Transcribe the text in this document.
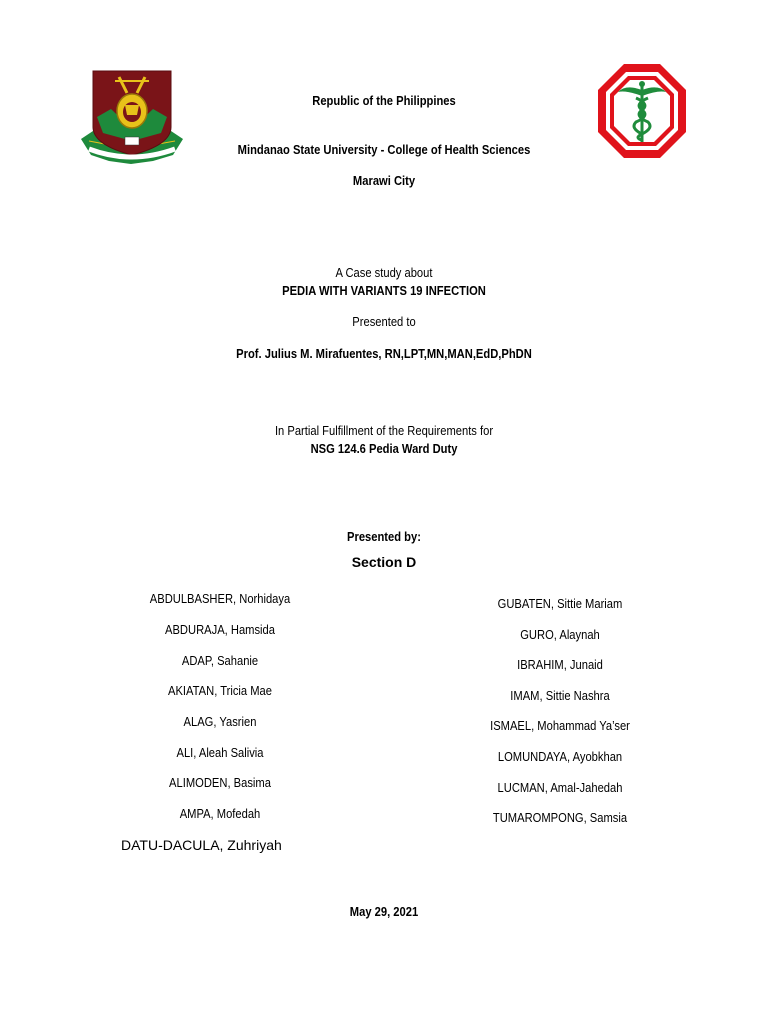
Republic of the Philippines
Mindanao State University - College of Health Sciences
Marawi City
A Case study about
PEDIA WITH VARIANTS 19 INFECTION
Presented to
Prof. Julius M. Mirafuentes, RN,LPT,MN,MAN,EdD,PhDN
In Partial Fulfillment of the Requirements for
NSG 124.6 Pedia Ward Duty
Presented by:
Section D
ABDULBASHER, Norhidaya
ABDURAJA, Hamsida
ADAP, Sahanie
AKIATAN, Tricia Mae
ALAG, Yasrien
ALI, Aleah Salivia
ALIMODEN, Basima
AMPA, Mofedah
DATU-DACULA, Zuhriyah
GUBATEN, Sittie Mariam
GURO, Alaynah
IBRAHIM, Junaid
IMAM, Sittie Nashra
ISMAEL, Mohammad Ya’ser
LOMUNDAYA, Ayobkhan
LUCMAN, Amal-Jahedah
TUMAROMPONG, Samsia
May 29, 2021
